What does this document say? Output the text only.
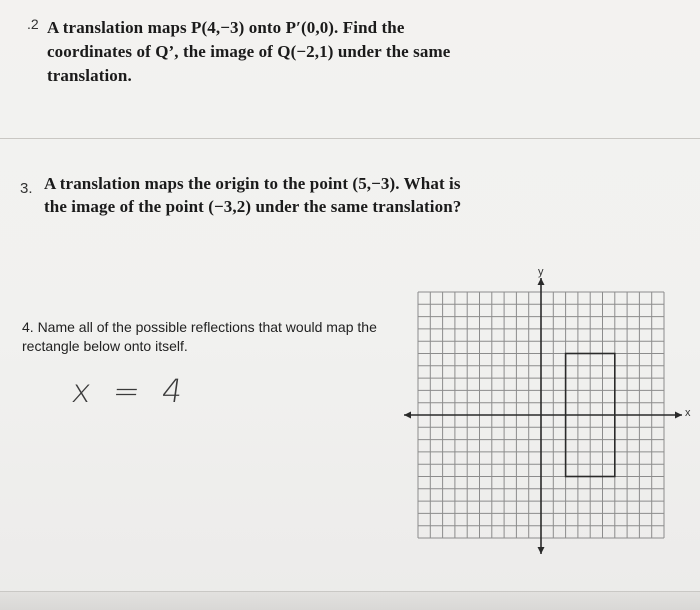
.2 A translation maps P(4,−3) onto P′(0,0). Find the coordinates of Q’, the image of Q(−2,1) under the same translation.
3. A translation maps the origin to the point (5,−3). What is the image of the point (−3,2) under the same translation?
4. Name all of the possible reflections that would map the rectangle below onto itself.
x = 4
y
x
